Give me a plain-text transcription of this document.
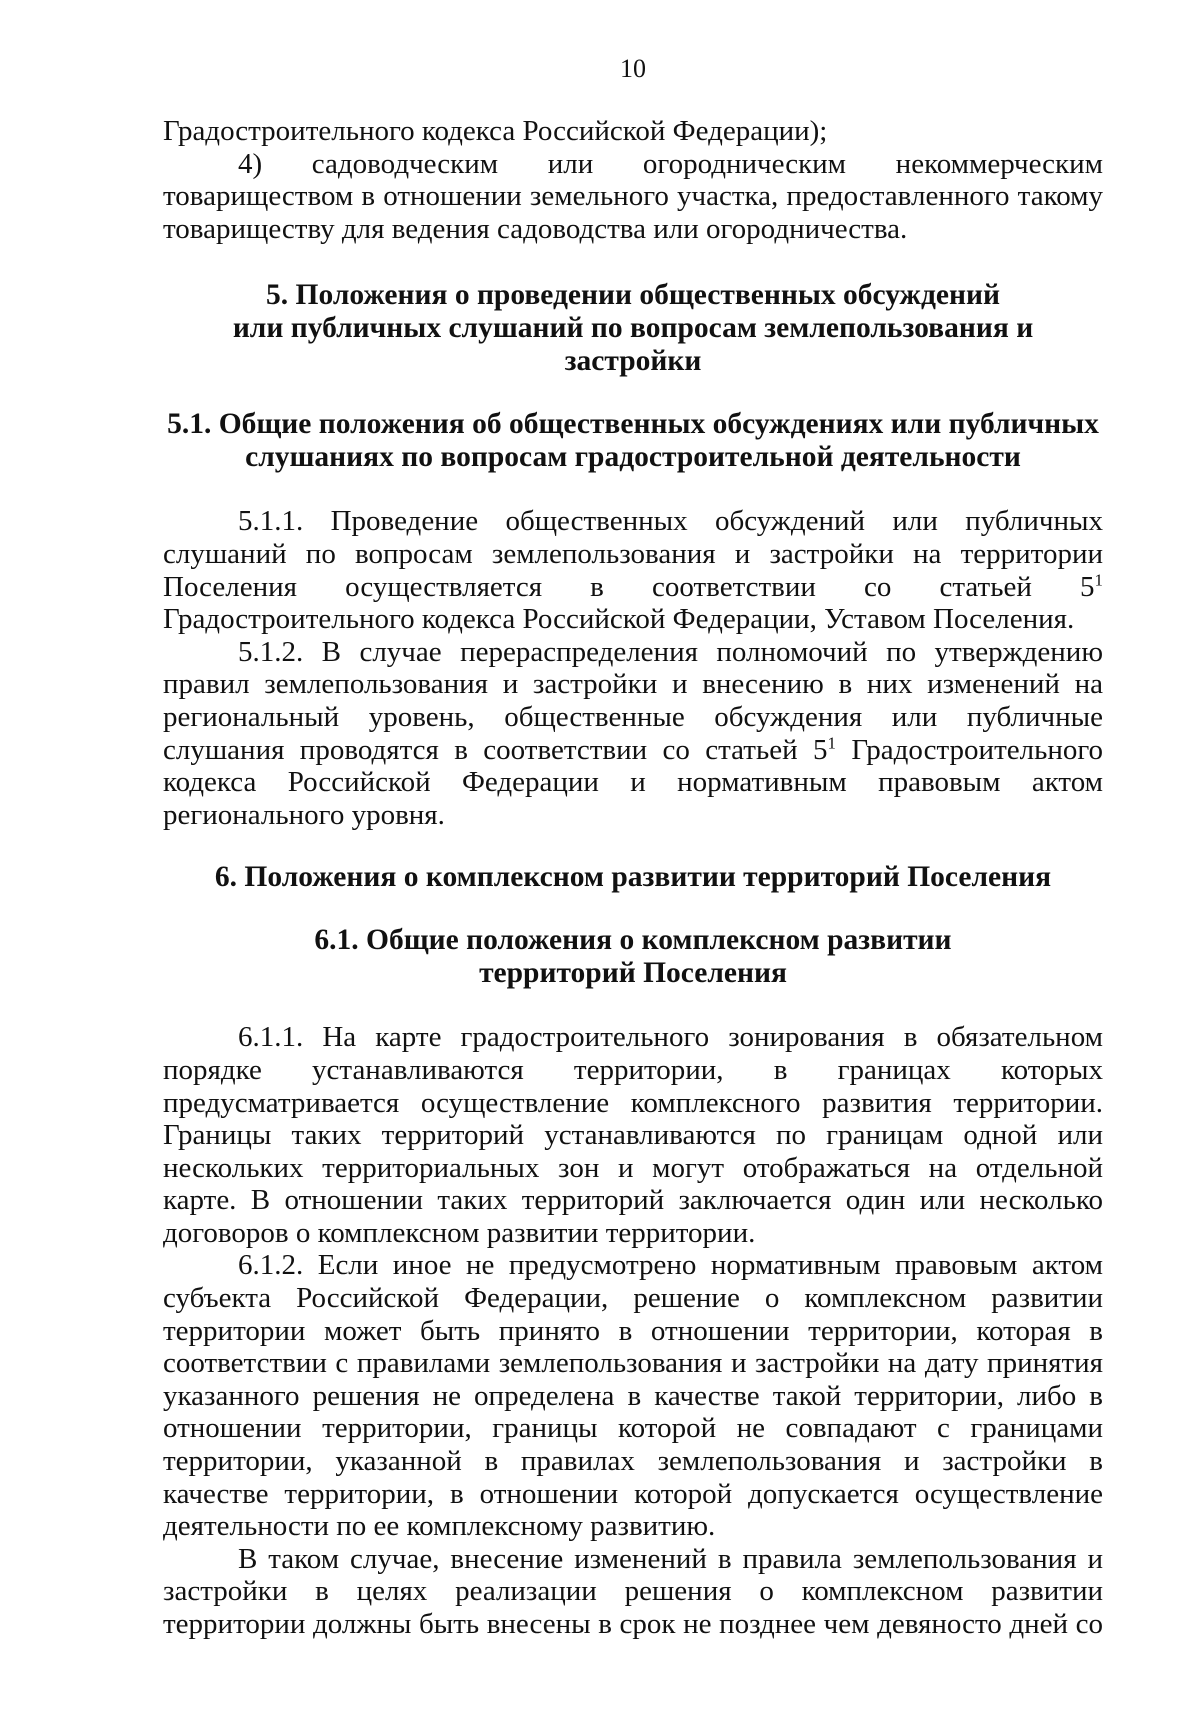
10

Градостроительного кодекса Российской Федерации);

4) садоводческим или огородническим некоммерческим товариществом в отношении земельного участка, предоставленного такому товариществу для ведения садоводства или огородничества.

5. Положения о проведении общественных обсуждений
или публичных слушаний по вопросам землепользования и застройки
5.1. Общие положения об общественных обсуждениях или публичных
слушаниях по вопросам градостроительной деятельности

5.1.1. Проведение общественных обсуждений или публичных слушаний по вопросам землепользования и застройки на территории Поселения осуществляется в соответствии со статьей $5^1$ Градостроительного кодекса Российской Федерации, Уставом Поселения.

5.1.2. В случае перераспределения полномочий по утверждению правил землепользования и застройки и внесению в них изменений на региональный уровень, общественные обсуждения или публичные слушания проводятся в соответствии со статьей $5^1$ Градостроительного кодекса Российской Федерации и нормативным правовым актом регионального уровня.

6. Положения о комплексном развитии территорий Поселения
6.1. Общие положения о комплексном развитии
территорий Поселения

6.1.1. На карте градостроительного зонирования в обязательном порядке устанавливаются территории, в границах которых предусматривается осуществление комплексного развития территории. Границы таких территорий устанавливаются по границам одной или нескольких территориальных зон и могут отображаться на отдельной карте. В отношении таких территорий заключается один или несколько договоров о комплексном развитии территории.

6.1.2. Если иное не предусмотрено нормативным правовым актом субъекта Российской Федерации, решение о комплексном развитии территории может быть принято в отношении территории, которая в соответствии с правилами землепользования и застройки на дату принятия указанного решения не определена в качестве такой территории, либо в отношении территории, границы которой не совпадают с границами территории, указанной в правилах землепользования и застройки в качестве территории, в отношении которой допускается осуществление деятельности по ее комплексному развитию.

В таком случае, внесение изменений в правила землепользования и застройки в целях реализации решения о комплексном развитии территории должны быть внесены в срок не позднее чем девяносто дней со
